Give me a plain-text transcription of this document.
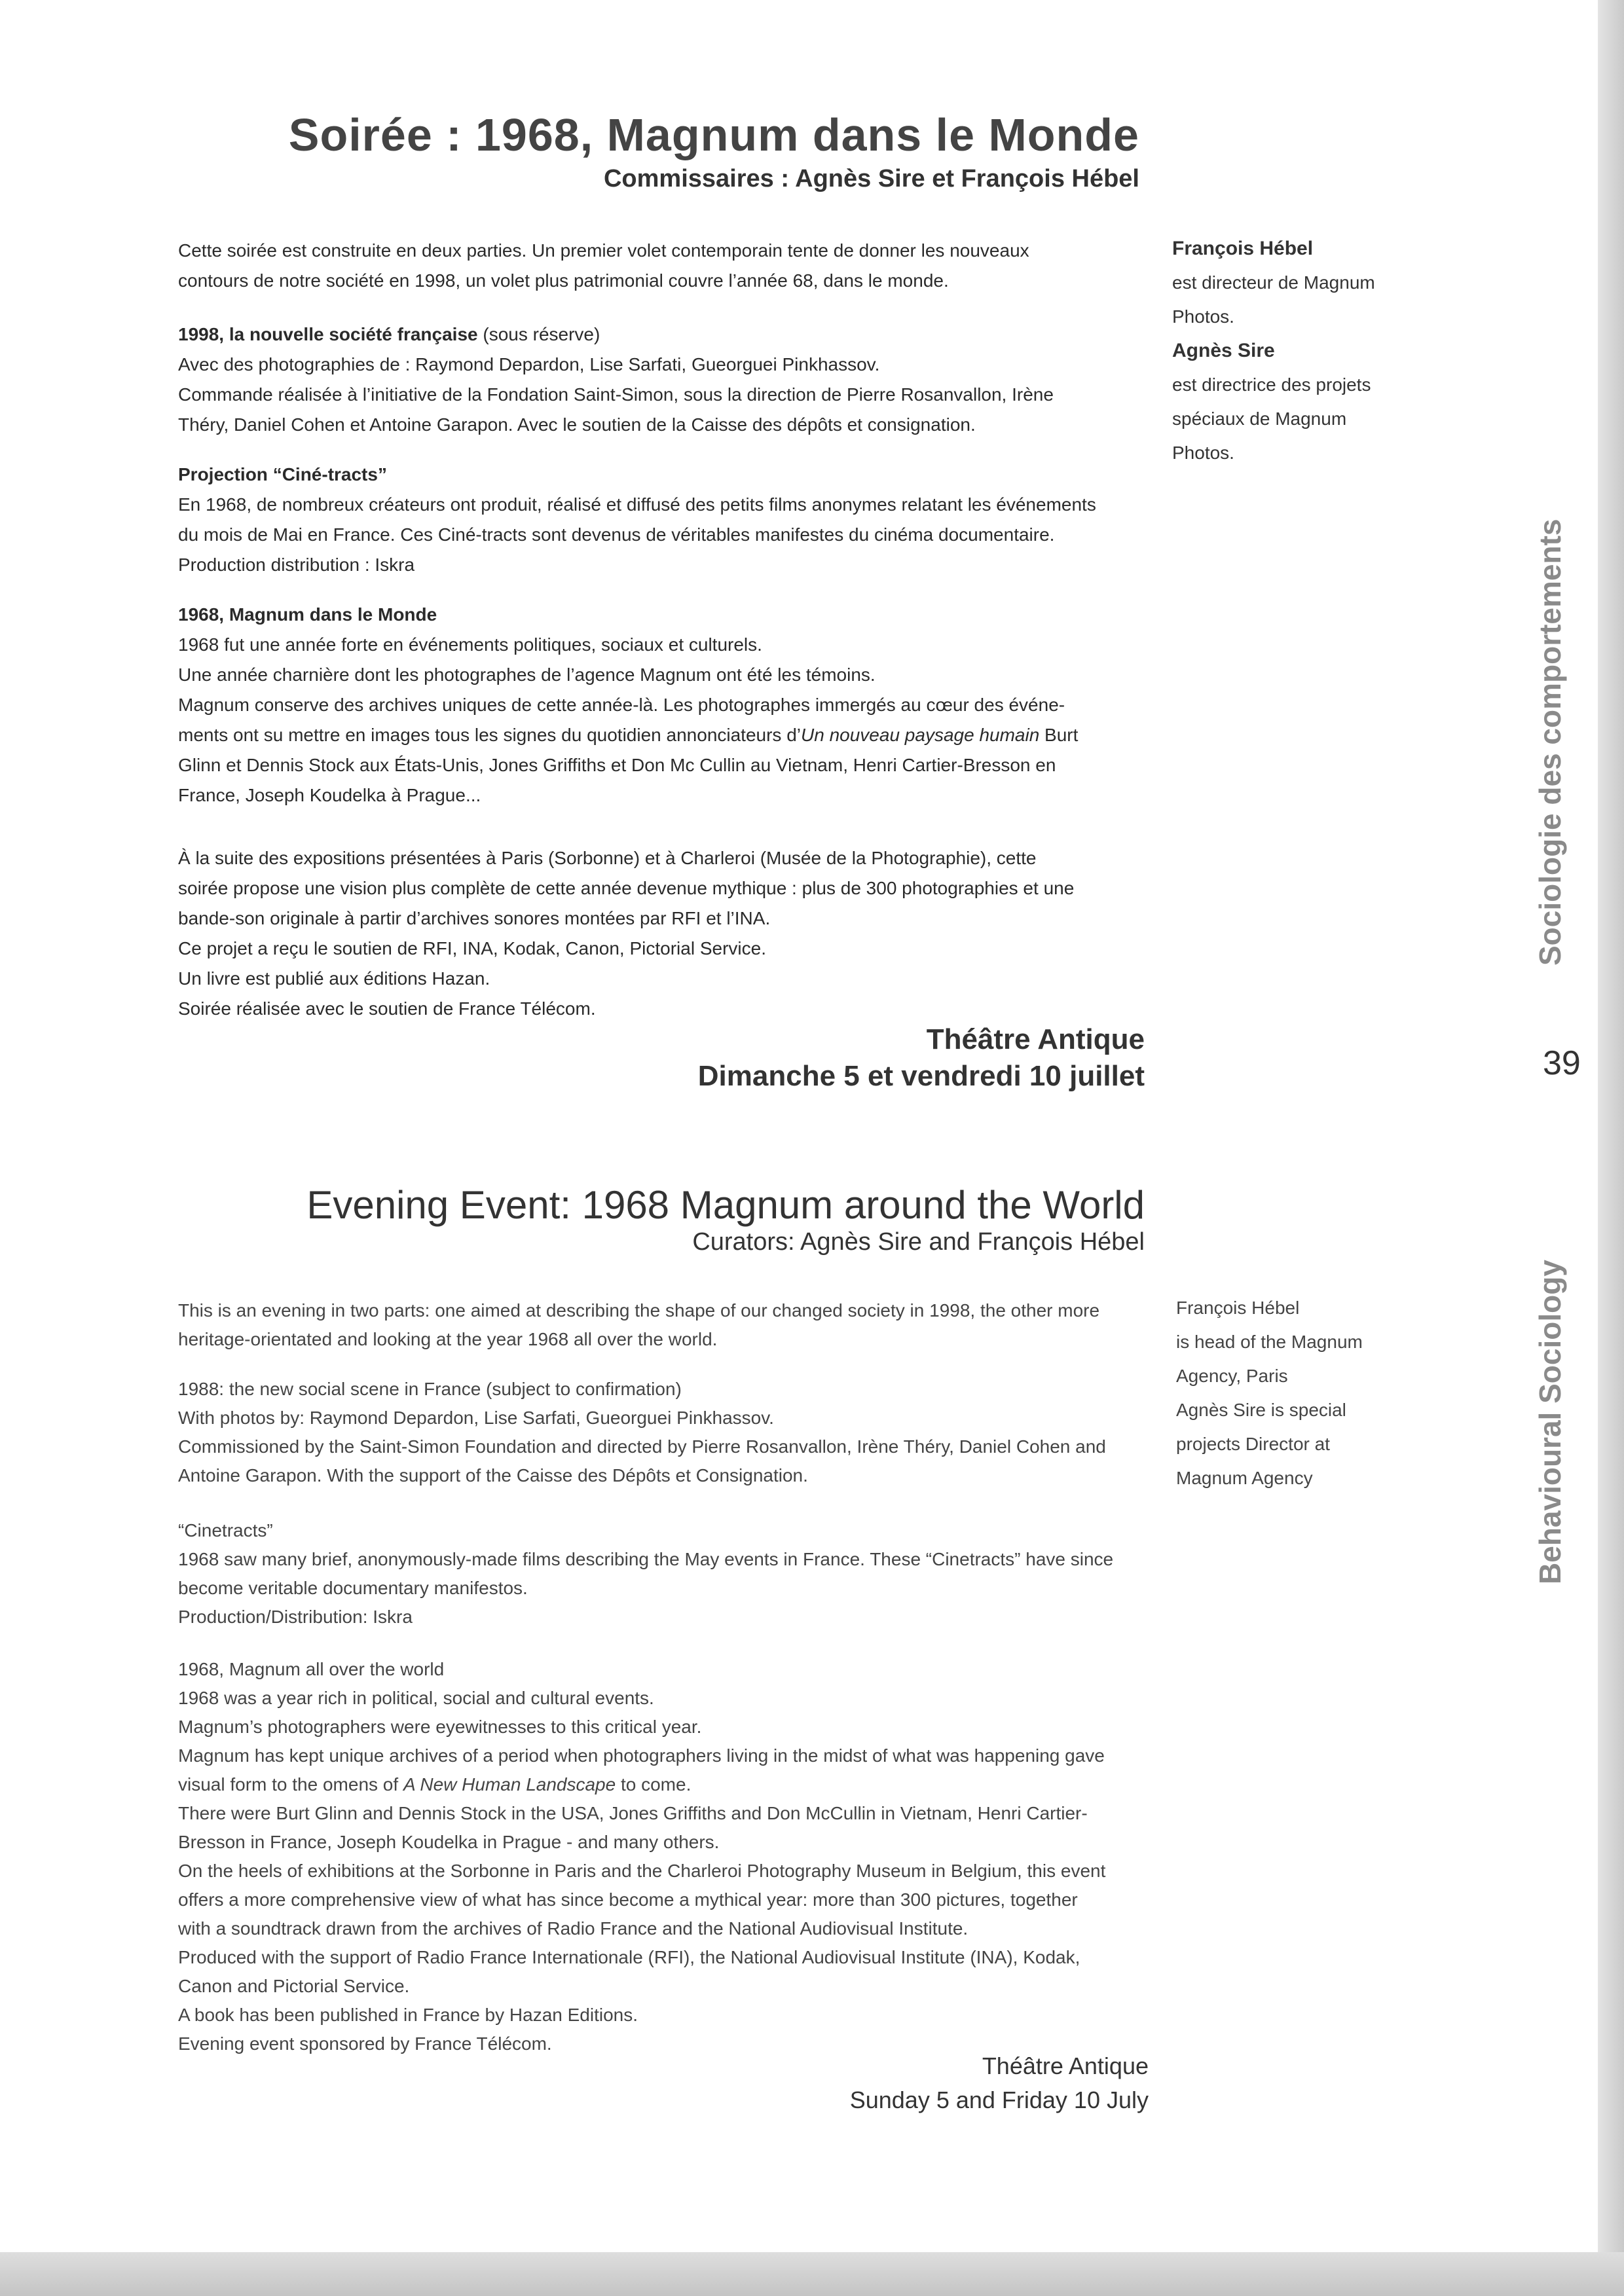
Soirée : 1968, Magnum dans le Monde
Commissaires : Agnès Sire et François Hébel

Cette soirée est construite en deux parties. Un premier volet contemporain tente de donner les nouveaux

contours de notre société en 1998, un volet plus patrimonial couvre l’année 68, dans le monde.

1998, la nouvelle société française (sous réserve)

Avec des photographies de : Raymond Depardon, Lise Sarfati, Gueorguei Pinkhassov.

Commande réalisée à l’initiative de la Fondation Saint-Simon, sous la direction de Pierre Rosanvallon, Irène

Théry, Daniel Cohen et Antoine Garapon. Avec le soutien de la Caisse des dépôts et consignation.

Projection “Ciné-tracts”

En 1968, de nombreux créateurs ont produit, réalisé et diffusé des petits films anonymes relatant les événements

du mois de Mai en France. Ces Ciné-tracts sont devenus de véritables manifestes du cinéma documentaire.

Production distribution : Iskra

1968, Magnum dans le Monde

1968 fut une année forte en événements politiques, sociaux et culturels.

Une année charnière dont les photographes de l’agence Magnum ont été les témoins.

Magnum conserve des archives uniques de cette année-là. Les photographes immergés au cœur des événe-

ments ont su mettre en images tous les signes du quotidien annonciateurs d’Un nouveau paysage humain Burt

Glinn et Dennis Stock aux États-Unis, Jones Griffiths et Don Mc Cullin au Vietnam, Henri Cartier-Bresson en

France, Joseph Koudelka à Prague...

À la suite des expositions présentées à Paris (Sorbonne) et à Charleroi (Musée de la Photographie), cette

soirée propose une vision plus complète de cette année devenue mythique : plus de 300 photographies et une

bande-son originale à partir d’archives sonores montées par RFI et l’INA.

Ce projet a reçu le soutien de RFI, INA, Kodak, Canon, Pictorial Service.

Un livre est publié aux éditions Hazan.

Soirée réalisée avec le soutien de France Télécom.

Théâtre Antique
Dimanche 5 et vendredi 10 juillet
François Hébel
est directeur de Magnum
Photos.
Agnès Sire
est directrice des projets
spéciaux de Magnum
Photos.
Sociologie des comportements
39
Behavioural Sociology
Evening Event: 1968 Magnum around the World
Curators: Agnès Sire and François Hébel

This is an evening in two parts: one aimed at describing the shape of our changed society in 1998, the other more

heritage-orientated and looking at the year 1968 all over the world.

1988: the new social scene in France (subject to confirmation)

With photos by: Raymond Depardon, Lise Sarfati, Gueorguei Pinkhassov.

Commissioned by the Saint-Simon Foundation and directed by Pierre Rosanvallon, Irène Théry, Daniel Cohen and

Antoine Garapon. With the support of the Caisse des Dépôts et Consignation.

“Cinetracts”

1968 saw many brief, anonymously-made films describing the May events in France. These “Cinetracts” have since

become veritable documentary manifestos.

Production/Distribution: Iskra

1968, Magnum all over the world

1968 was a year rich in political, social and cultural events.

Magnum’s photographers were eyewitnesses to this critical year.

Magnum has kept unique archives of a period when photographers living in the midst of what was happening gave

visual form to the omens of A New Human Landscape to come.

There were Burt Glinn and Dennis Stock in the USA, Jones Griffiths and Don McCullin in Vietnam, Henri Cartier-

Bresson in France, Joseph Koudelka in Prague - and many others.

On the heels of exhibitions at the Sorbonne in Paris and the Charleroi Photography Museum in Belgium, this event

offers a more comprehensive view of what has since become a mythical year: more than 300 pictures, together

with a soundtrack drawn from the archives of Radio France and the National Audiovisual Institute.

Produced with the support of Radio France Internationale (RFI), the National Audiovisual Institute (INA), Kodak,

Canon and Pictorial Service.

A book has been published in France by Hazan Editions.

Evening event sponsored by France Télécom.

Théâtre Antique
Sunday 5 and Friday 10 July
François Hébel
is head of the Magnum
Agency, Paris
Agnès Sire is special
projects Director at
Magnum Agency
